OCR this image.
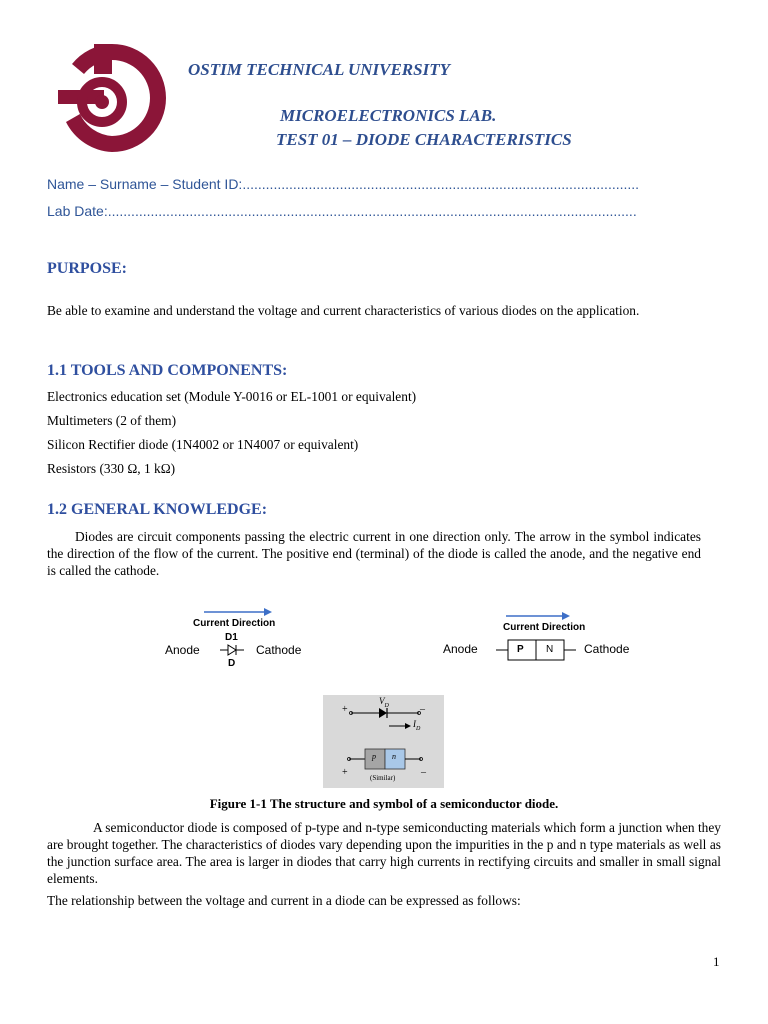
OSTIM TECHNICAL UNIVERSITY
MICROELECTRONICS LAB.
TEST 01 – DIODE CHARACTERISTICS
Name – Surname – Student ID:......................................................................................................
Lab Date:........................................................................................................................................
PURPOSE:
Be able to examine and understand the voltage and current characteristics of various diodes on the application.
1.1 TOOLS AND COMPONENTS:
Electronics education set (Module Y-0016 or EL-1001 or equivalent)
Multimeters (2 of them)
Silicon Rectifier diode (1N4002 or 1N4007 or equivalent)
Resistors (330 Ω, 1 kΩ)
1.2 GENERAL KNOWLEDGE:
Diodes are circuit components passing the electric current in one direction only. The arrow in the symbol indicates the direction of the flow of the current. The positive end (terminal) of the diode is called the anode, and the negative end is called the cathode.
Current Direction
D1
D
Anode	Cathode
Current Direction
P N
Anode	Cathode
+	–
$V_D$
$I_D$
p n
+	–
(Similar)
Figure 1-1 The structure and symbol of a semiconductor diode.
A semiconductor diode is composed of p-type and n-type semiconducting materials which form a junction when they are brought together. The characteristics of diodes vary depending upon the impurities in the p and n type materials as well as the junction surface area. The area is larger in diodes that carry high currents in rectifying circuits and smaller in small signal elements.
The relationship between the voltage and current in a diode can be expressed as follows:
1
